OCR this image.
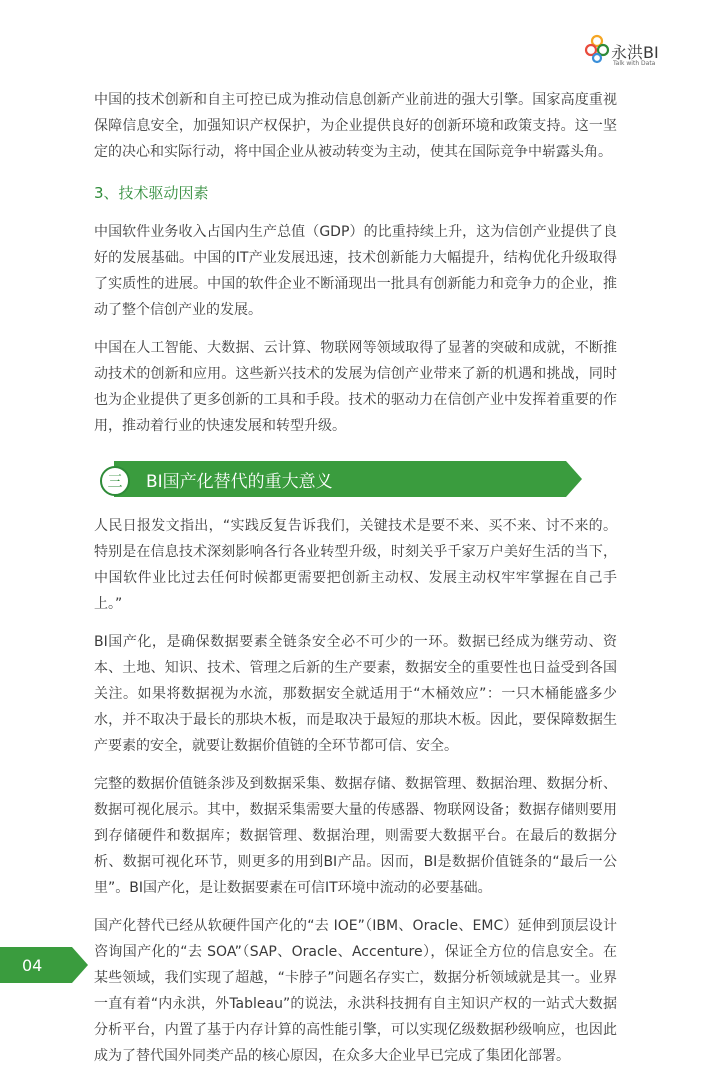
永洪BI
Talk with Data

中国的技术创新和自主可控已成为推动信息创新产业前进的强大引擎。国家高度重视保障信息安全，加强知识产权保护，为企业提供良好的创新环境和政策支持。这一坚定的决心和实际行动，将中国企业从被动转变为主动，使其在国际竞争中崭露头角。

3、技术驱动因素

中国软件业务收入占国内生产总值（GDP）的比重持续上升，这为信创产业提供了良好的发展基础。中国的IT产业发展迅速，技术创新能力大幅提升，结构优化升级取得了实质性的进展。中国的软件企业不断涌现出一批具有创新能力和竞争力的企业，推动了整个信创产业的发展。

中国在人工智能、大数据、云计算、物联网等领域取得了显著的突破和成就，不断推动技术的创新和应用。这些新兴技术的发展为信创产业带来了新的机遇和挑战，同时也为企业提供了更多创新的工具和手段。技术的驱动力在信创产业中发挥着重要的作用，推动着行业的快速发展和转型升级。

三	BI国产化替代的重大意义

人民日报发文指出，“实践反复告诉我们，关键技术是要不来、买不来、讨不来的。特别是在信息技术深刻影响各行各业转型升级，时刻关乎千家万户美好生活的当下，中国软件业比过去任何时候都更需要把创新主动权、发展主动权牢牢掌握在自己手上。”

BI国产化，是确保数据要素全链条安全必不可少的一环。数据已经成为继劳动、资本、土地、知识、技术、管理之后新的生产要素，数据安全的重要性也日益受到各国关注。如果将数据视为水流，那数据安全就适用于“木桶效应”：一只木桶能盛多少水，并不取决于最长的那块木板，而是取决于最短的那块木板。因此，要保障数据生产要素的安全，就要让数据价值链的全环节都可信、安全。

完整的数据价值链条涉及到数据采集、数据存储、数据管理、数据治理、数据分析、数据可视化展示。其中，数据采集需要大量的传感器、物联网设备；数据存储则要用到存储硬件和数据库；数据管理、数据治理，则需要大数据平台。在最后的数据分析、数据可视化环节，则更多的用到BI产品。因而，BI是数据价值链条的“最后一公里”。BI国产化，是让数据要素在可信IT环境中流动的必要基础。

国产化替代已经从软硬件国产化的“去 IOE”（IBM、Oracle、EMC）延伸到顶层设计咨询国产化的“去 SOA”（SAP、Oracle、Accenture），保证全方位的信息安全。在某些领域，我们实现了超越，“卡脖子”问题名存实亡，数据分析领域就是其一。业界一直有着“内永洪，外Tableau”的说法，永洪科技拥有自主知识产权的一站式大数据分析平台，内置了基于内存计算的高性能引擎，可以实现亿级数据秒级响应，也因此成为了替代国外同类产品的核心原因，在众多大企业早已完成了集团化部署。

04
